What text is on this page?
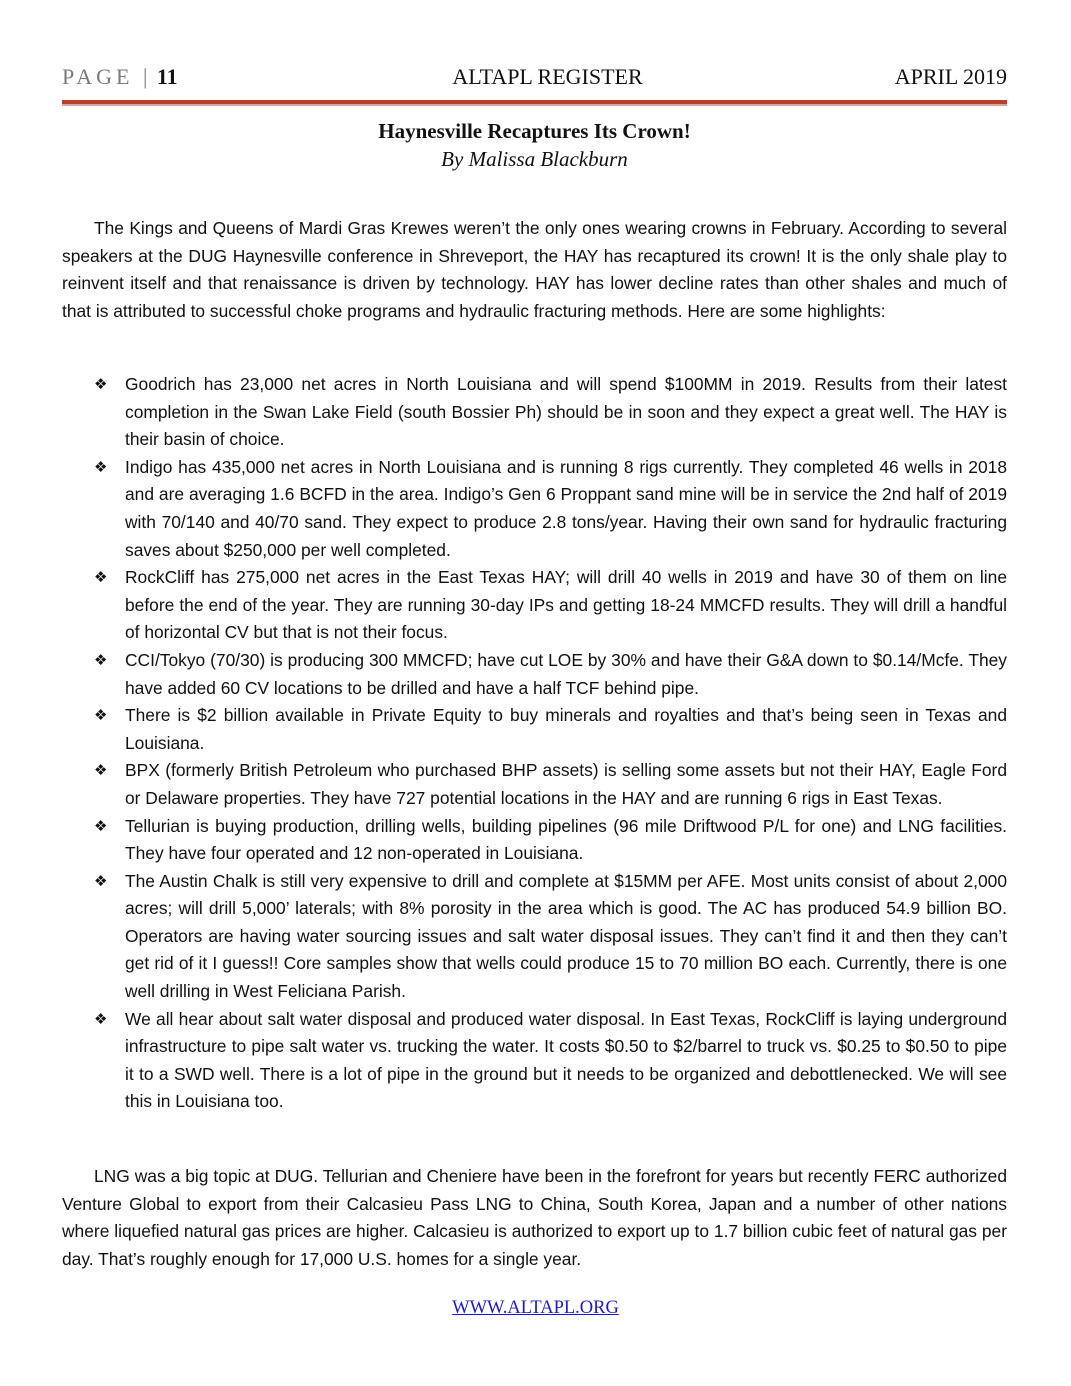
PAGE | 11	ALTAPL REGISTER	APRIL 2019
Haynesville Recaptures Its Crown!
By Malissa Blackburn
The Kings and Queens of Mardi Gras Krewes weren’t the only ones wearing crowns in February. According to several speakers at the DUG Haynesville conference in Shreveport, the HAY has recaptured its crown! It is the only shale play to reinvent itself and that renaissance is driven by technology. HAY has lower decline rates than other shales and much of that is attributed to successful choke programs and hydraulic fracturing methods. Here are some highlights:
❖ Goodrich has 23,000 net acres in North Louisiana and will spend $100MM in 2019. Results from their latest completion in the Swan Lake Field (south Bossier Ph) should be in soon and they expect a great well. The HAY is their basin of choice.
❖ Indigo has 435,000 net acres in North Louisiana and is running 8 rigs currently. They completed 46 wells in 2018 and are averaging 1.6 BCFD in the area. Indigo’s Gen 6 Proppant sand mine will be in service the 2nd half of 2019 with 70/140 and 40/70 sand. They expect to produce 2.8 tons/year. Having their own sand for hydraulic fracturing saves about $250,000 per well completed.
❖ RockCliff has 275,000 net acres in the East Texas HAY; will drill 40 wells in 2019 and have 30 of them on line before the end of the year. They are running 30-day IPs and getting 18-24 MMCFD results. They will drill a handful of horizontal CV but that is not their focus.
❖ CCI/Tokyo (70/30) is producing 300 MMCFD; have cut LOE by 30% and have their G&A down to $0.14/Mcfe. They have added 60 CV locations to be drilled and have a half TCF behind pipe.
❖ There is $2 billion available in Private Equity to buy minerals and royalties and that’s being seen in Texas and Louisiana.
❖ BPX (formerly British Petroleum who purchased BHP assets) is selling some assets but not their HAY, Eagle Ford or Delaware properties. They have 727 potential locations in the HAY and are running 6 rigs in East Texas.
❖ Tellurian is buying production, drilling wells, building pipelines (96 mile Driftwood P/L for one) and LNG facilities. They have four operated and 12 non-operated in Louisiana.
❖ The Austin Chalk is still very expensive to drill and complete at $15MM per AFE. Most units consist of about 2,000 acres; will drill 5,000’ laterals; with 8% porosity in the area which is good. The AC has produced 54.9 billion BO. Operators are having water sourcing issues and salt water disposal issues. They can’t find it and then they can’t get rid of it I guess!! Core samples show that wells could produce 15 to 70 million BO each. Currently, there is one well drilling in West Feliciana Parish.
❖ We all hear about salt water disposal and produced water disposal. In East Texas, RockCliff is laying underground infrastructure to pipe salt water vs. trucking the water. It costs $0.50 to $2/barrel to truck vs. $0.25 to $0.50 to pipe it to a SWD well. There is a lot of pipe in the ground but it needs to be organized and debottlenecked. We will see this in Louisiana too.
LNG was a big topic at DUG. Tellurian and Cheniere have been in the forefront for years but recently FERC authorized Venture Global to export from their Calcasieu Pass LNG to China, South Korea, Japan and a number of other nations where liquefied natural gas prices are higher. Calcasieu is authorized to export up to 1.7 billion cubic feet of natural gas per day. That’s roughly enough for 17,000 U.S. homes for a single year.
WWW.ALTAPL.ORG
